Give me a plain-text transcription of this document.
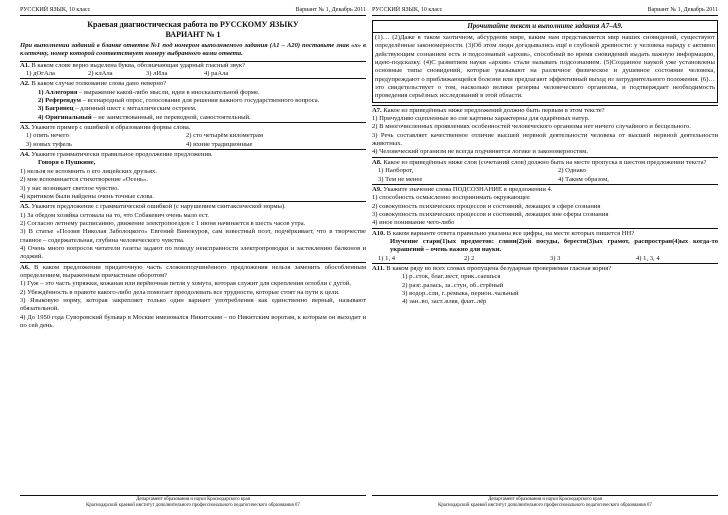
РУССКИЙ ЯЗЫК, 10 класс	Вариант № 1, Декабрь 2011
Краевая диагностическая работа по РУССКОМУ ЯЗЫКУ
ВАРИАНТ № 1
При выполнении заданий в бланке ответов №1 под номером выполняемого задания (А1 – А20) поставьте знак «х» в клеточку, номер которой соответствует номеру выбранного вами ответа.
А1. В каком слове верно выделена буква, обозначающая ударный гласный звук?
1) дОгАла	2) клАла	3) лИла	4) раАла
А2. В каком случае толкование слова дано неверно?
1) Аллегория – выражение какой-либо мысли, идеи в иносказательной форме.
2) Референдум – всенародный опрос, голосование для решения важного государственного вопроса.
3) Багрянец – длинный шест с металлическим остреем.
4) Оригинальный – не заимствованный, не переводной, самостоятельный.
А3. Укажите пример с ошибкой в образовании формы слова.
1) опять нечего	2) сто четырём километрам
3) новых туфель	4) ихние традиционные
А4. Укажите грамматически правильное продолжение предложения.
Говоря о Пушкине,
1) нельзя не вспомнить о его лицейских друзьях.
2) мне вспоминается стихотворение «Осень».
3) у нас возникает светлое чувство.
4) критиком были найдены очень точные слова.
А5. Укажите предложение с грамматической ошибкой (с нарушением синтаксической нормы).
1) За обедом хозяйка сетовала на то, что Собакевич очень мало ест.
2) Согласно летнему расписанию, движение электропоездов с 1 июня начинается в шесть часов утра.
3) В статье «Поэзия Николая Заболоцкого» Евгений Винокуров, сам известный поэт, подчёркивает, что в творчестве главное – содержательная, глубина человеческого чувства.
4) Очень много вопросов читатели газеты задают по поводу неисправности электропроводки и застеклению балконов и лоджий.
А6. В каком предложении придаточную часть сложноподчинённого предложения нельзя заменить обособленным определением, выраженным причастным оборотом?
1) Гуж – это часть упряжки, кожаная или верёвочная петля у хомута, которая служит для скрепления оглобли с дугой.
2) Убеждённость в правоте какого-либо дела помогает преодолевать все трудности, которые стоят на пути к цели.
3) Языковую норму, которая закрепляет только один вариант употребления как единственно верный, называют обязательной.
4) До 1950 года Суворовский бульвар в Москве именовался Никитским – по Никитским воротам, к которым он выходит и по сей день.
Департамент образования и науки Краснодарского края
Краснодарский краевой институт дополнительного профессионального педагогического образования 07
РУССКИЙ ЯЗЫК, 10 класс	Вариант № 1, Декабрь 2011
Прочитайте текст и выполните задания А7–А9.
(1)… (2)Даже в таком хаотичном, абсурдном мире, каким нам представляется мир наших сновидений, существуют определённые закономерности. (3)Об этом люди догадывались ещё в глубокой древности: у человека наряду с активно действующим сознанием есть и подсознаный «архив», способный во время сновидений выдать важную информацию, идею-подсказку. (4)С развитием науки «архив» стали называть подсознанием. (5)Созданное наукой уже установлены основные типы сновидений, которые указывают на различное физическое и душевное состояние человека, предупреждают о приближающейся болезни или предлагают эффективный выход из затруднительного положения. (6)… это свидетельствует о том, насколько велики резервы человеческого организма, и подтверждает необходимость проведения серьёзных исследований в этой области.
А7. Какое из приведённых ниже предложений должно быть первым в этом тексте?
1) Причудливо сцепленные во сне картины характерны для одарённых натур.
2) В многочисленных проявлениях особенностей человеческого организма нет ничего случайного и бесцельного.
3) Речь составляет качественное отличие высшей нервной деятельности человека от высшей нервной деятельности животных.
4) Человеческий организм не всегда подчиняется логике и закономерностям.
А8. Какое из приведённых ниже слов (сочетаний слов) должно быть на месте пропуска в шестом предложении текста?
1) Наоборот,	2) Однако
3) Тем не менее	4) Таким образом,
А9. Укажите значение слова ПОДСОЗНАНИЕ в предложении 4.
1) способность осмысленно воспринимать окружающее
2) совокупность психических процессов и состояний, лежащих в сфере сознания
3) совокупность психических процессов и состояний, лежащих вне сферы сознания
4) иное понимание чего-либо
А10. В каком варианте ответа правильно указаны все цифры, на месте которых пишется НН?
Изучение стари(1)ых предметов: глини(2)ой посуды, берести(3)ых грамот, распростран(4)ых когда-то украшений – очень важно для науки.
1) 1, 4	2) 2	3) 3	4) 1, 3, 4
А11. В каком ряду во всех словах пропущена безударная проверяемая гласная корня?
1) р..сток, благ..вест, прик..саешься
2) разг..ралась, за..стун, об..стрёный
3) водор..сли, г..ремыка, перион..чальный
4) зан..во, заст..вляя, флат..лёр
Департамент образования и науки Краснодарского края
Краснодарский краевой институт дополнительного профессионального педагогического образования 07
